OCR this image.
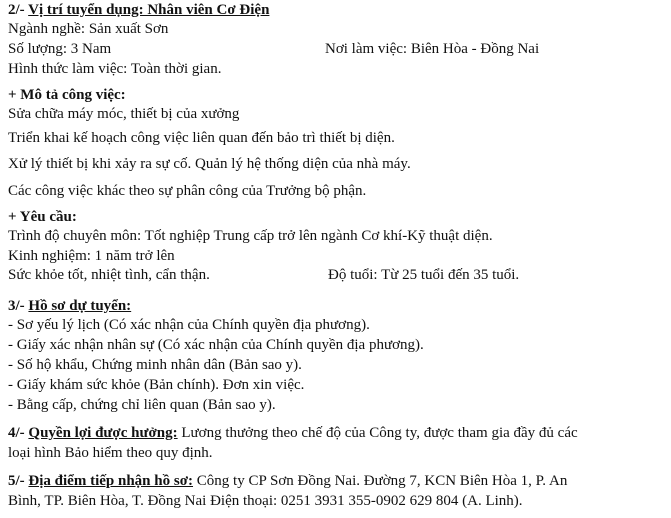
2/- Vị trí tuyển dụng: Nhân viên Cơ Điện
Ngành nghề: Sản xuất Sơn
Số lượng: 3 Nam	Nơi làm việc: Biên Hòa - Đồng Nai
Hình thức làm việc: Toàn thời gian.
+ Mô tả công việc:
Sửa chữa máy móc, thiết bị của xưởng
Triển khai kế hoạch công việc liên quan đến bảo trì thiết bị diện.
Xử lý thiết bị khi xảy ra sự cố. Quản lý hệ thống diện của nhà máy.
Các công việc khác theo sự phân công của Trưởng bộ phận.
+ Yêu cầu:
Trình độ chuyên môn: Tốt nghiệp Trung cấp trở lên ngành Cơ khí-Kỹ thuật diện.
Kinh nghiệm: 1 năm trở lên
Sức khỏe tốt, nhiệt tình, cẩn thận.	Độ tuổi: Từ 25 tuổi đến 35 tuổi.
3/- Hồ sơ dự tuyển:
- Sơ yếu lý lịch (Có xác nhận của Chính quyền địa phương).
- Giấy xác nhận nhân sự (Có xác nhận của Chính quyền địa phương).
- Số hộ khẩu, Chứng minh nhân dân (Bản sao y).
- Giấy khám sức khỏe (Bản chính). Đơn xin việc.
- Bằng cấp, chứng chỉ liên quan (Bản sao y).
4/- Quyền lợi được hưởng: Lương thưởng theo chế độ của Công ty, được tham gia đầy đủ các
loại hình Bảo hiểm theo quy định.
5/- Địa điểm tiếp nhận hồ sơ: Công ty CP Sơn Đồng Nai. Đường 7, KCN Biên Hòa 1, P. An
Bình, TP. Biên Hòa, T. Đồng Nai Điện thoại: 0251 3931 355-0902 629 804 (A. Linh).
